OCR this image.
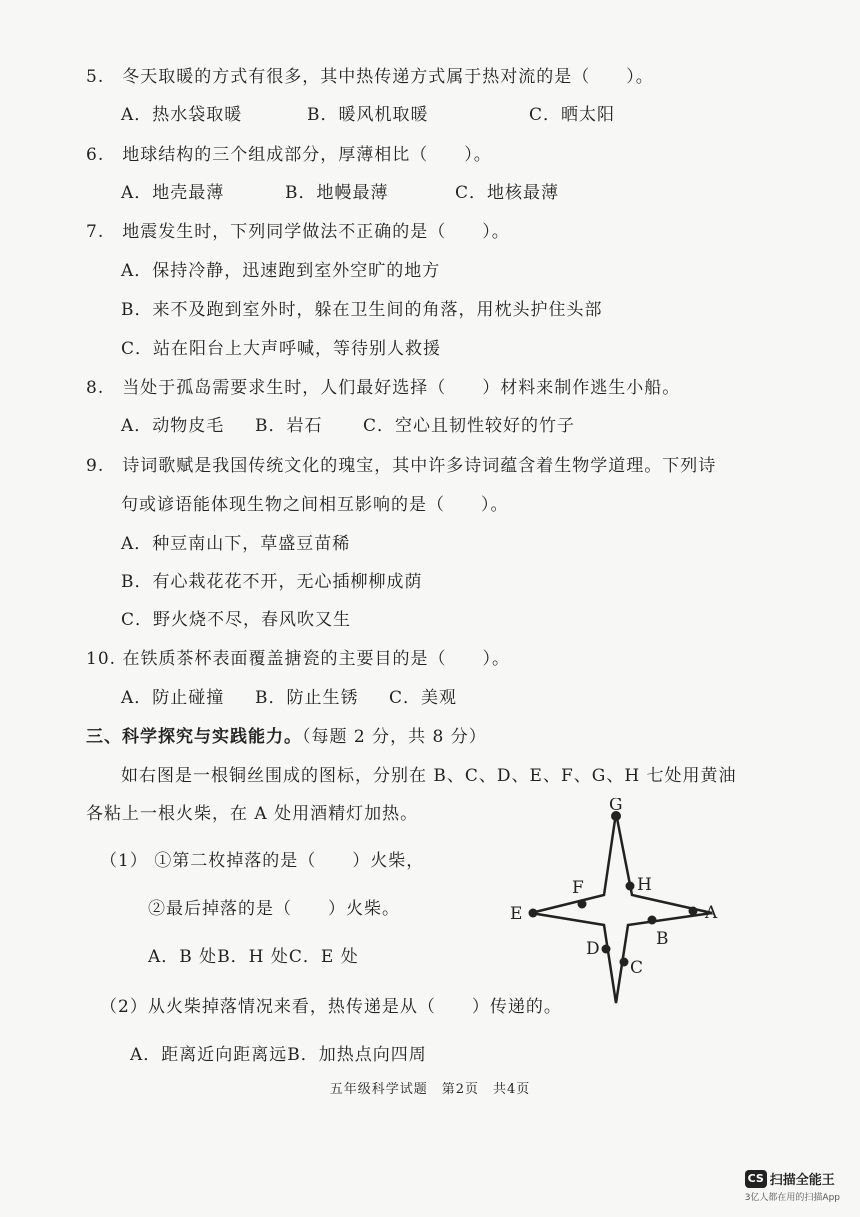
5.　冬天取暖的方式有很多，其中热传递方式属于热对流的是（　　）。
A．热水袋取暖	B．暖风机取暖	C．晒太阳
6.　地球结构的三个组成部分，厚薄相比（　　）。
A．地壳最薄	B．地幔最薄	C．地核最薄
7.　地震发生时，下列同学做法不正确的是（　　）。
A．保持冷静，迅速跑到室外空旷的地方
B．来不及跑到室外时，躲在卫生间的角落，用枕头护住头部
C．站在阳台上大声呼喊，等待别人救援
8.　当处于孤岛需要求生时，人们最好选择（　　）材料来制作逃生小船。
A．动物皮毛 B．岩石 C．空心且韧性较好的竹子
9.　诗词歌赋是我国传统文化的瑰宝，其中许多诗词蕴含着生物学道理。下列诗
句或谚语能体现生物之间相互影响的是（　　）。
A．种豆南山下，草盛豆苗稀
B．有心栽花花不开，无心插柳柳成荫
C．野火烧不尽，春风吹又生
10. 在铁质茶杯表面覆盖搪瓷的主要目的是（　　）。
A．防止碰撞 B．防止生锈 C．美观
三、科学探究与实践能力。（每题 2 分，共 8 分）
如右图是一根铜丝围成的图标，分别在 B、C、D、E、F、G、H 七处用黄油
各粘上一根火柴，在 A 处用酒精灯加热。
（1） ①第二枚掉落的是（　　）火柴，
②最后掉落的是（　　）火柴。
A．B 处B．H 处C．E 处
（2）从火柴掉落情况来看，热传递是从（　　）传递的。
A．距离近向距离远B．加热点向四周
G
F	H
E	A
B
D
C
五年级科学试题　第2页　共4页
CS 扫描全能王
3亿人都在用的扫描App
